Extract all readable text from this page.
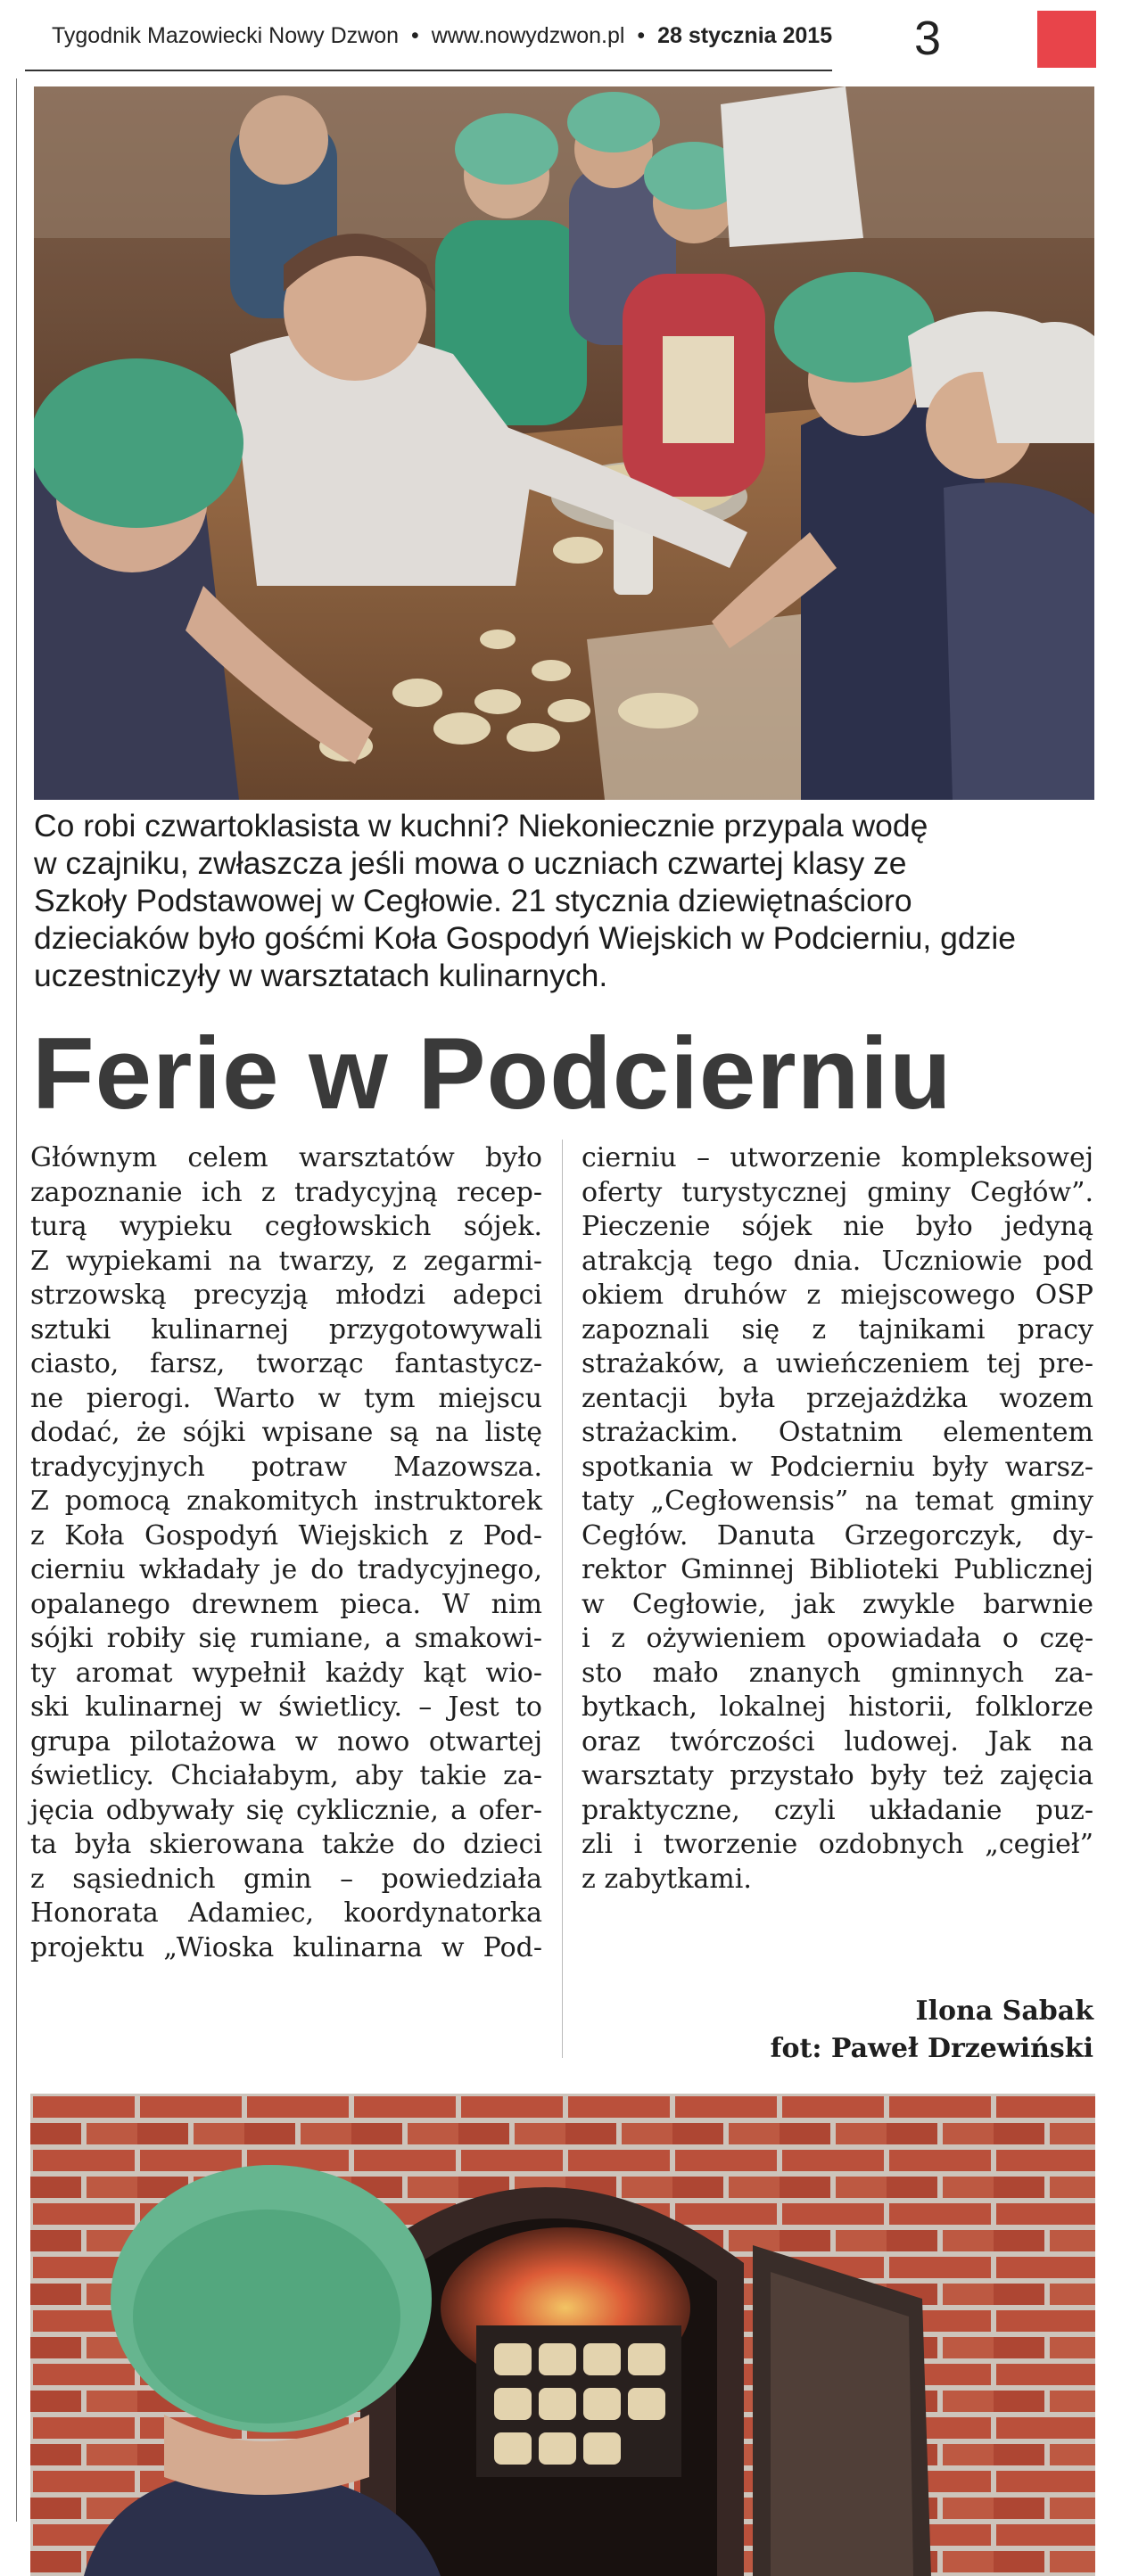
Tygodnik Mazowiecki Nowy Dzwon • www.nowydzwon.pl • 28 stycznia 2015 3

Co robi czwartoklasista w kuchni? Niekoniecznie przypala wodę
w czajniku, zwłaszcza jeśli mowa o uczniach czwartej klasy ze
Szkoły Podstawowej w Cegłowie. 21 stycznia dziewiętnaścioro
dzieciaków było gośćmi Koła Gospodyń Wiejskich w Podcierniu, gdzie
uczestniczyły w warsztatach kulinarnych.

Ferie w Podcierniu
Głównym celem warsztatów było
zapoznanie ich z tradycyjną recep-
turą wypieku cegłowskich sójek.
Z wypiekami na twarzy, z zegarmi-
strzowską precyzją młodzi adepci
sztuki kulinarnej przygotowywali
ciasto, farsz, tworząc fantastycz-
ne pierogi. Warto w tym miejscu
dodać, że sójki wpisane są na listę
tradycyjnych potraw Mazowsza.
Z pomocą znakomitych instruktorek
z Koła Gospodyń Wiejskich z Pod-
cierniu wkładały je do tradycyjnego,
opalanego drewnem pieca. W nim
sójki robiły się rumiane, a smakowi-
ty aromat wypełnił każdy kąt wio-
ski kulinarnej w świetlicy. – Jest to
grupa pilotażowa w nowo otwartej
świetlicy. Chciałabym, aby takie za-
jęcia odbywały się cyklicznie, a ofer-
ta była skierowana także do dzieci
z sąsiednich gmin – powiedziała
Honorata Adamiec, koordynatorka
projektu „Wioska kulinarna w Pod-
cierniu – utworzenie kompleksowej
oferty turystycznej gminy Cegłów”.
Pieczenie sójek nie było jedyną
atrakcją tego dnia. Uczniowie pod
okiem druhów z miejscowego OSP
zapoznali się z tajnikami pracy
strażaków, a uwieńczeniem tej pre-
zentacji była przejażdżka wozem
strażackim. Ostatnim elementem
spotkania w Podcierniu były warsz-
taty „Cegłowensis” na temat gminy
Cegłów. Danuta Grzegorczyk, dy-
rektor Gminnej Biblioteki Publicznej
w Cegłowie, jak zwykle barwnie
i z ożywieniem opowiadała o czę-
sto mało znanych gminnych za-
bytkach, lokalnej historii, folklorze
oraz twórczości ludowej. Jak na
warsztaty przystało były też zajęcia
praktyczne, czyli układanie puz-
zli i tworzenie ozdobnych „cegieł”
z zabytkami.
Ilona Sabak
fot: Paweł Drzewiński
